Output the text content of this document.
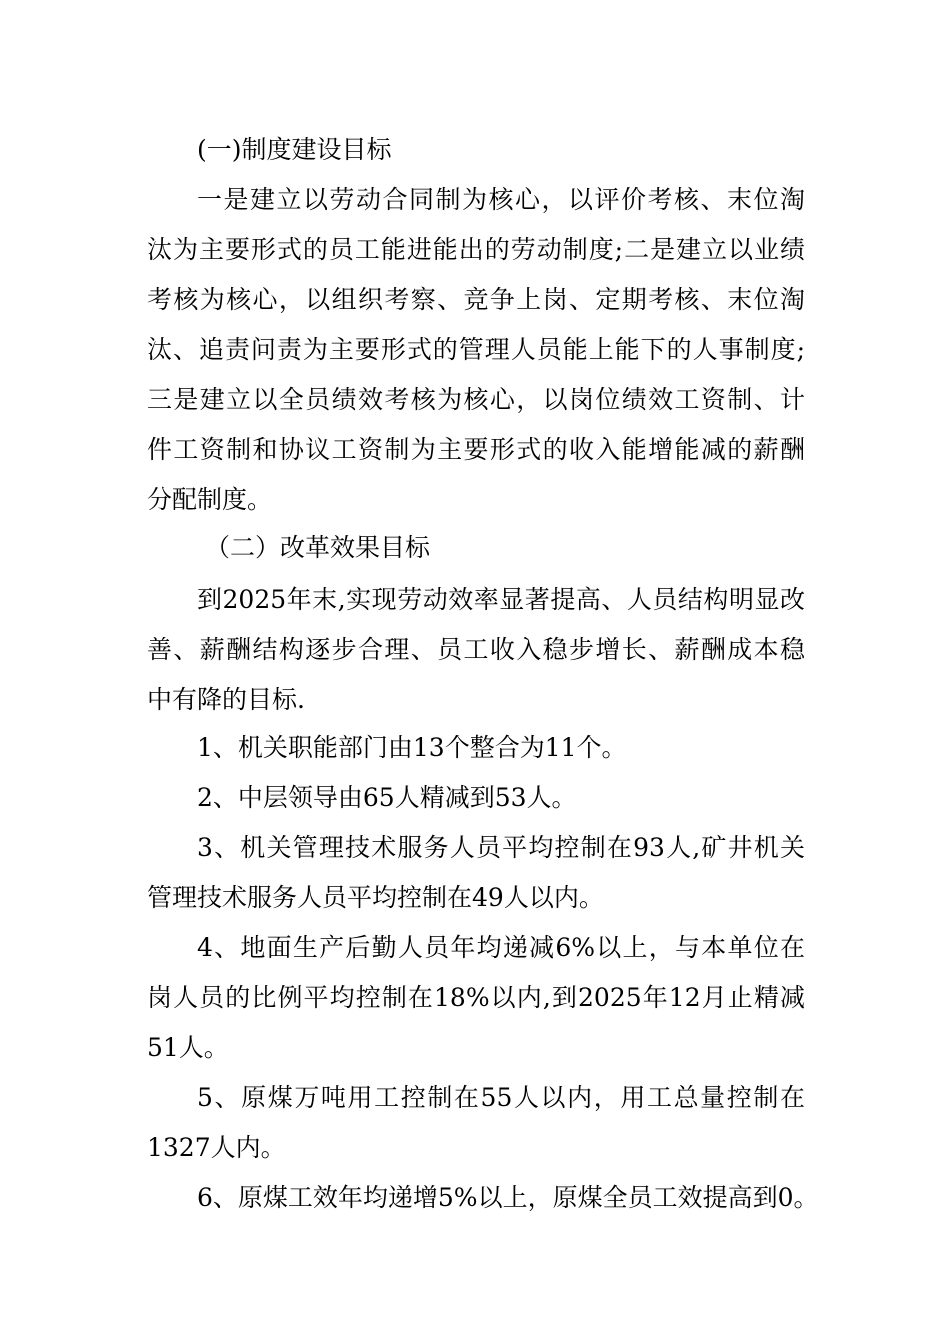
(一)制度建设目标
一是建立以劳动合同制为核心，以评价考核、末位淘
汰为主要形式的员工能进能出的劳动制度;二是建立以业绩
考核为核心，以组织考察、竞争上岗、定期考核、末位淘
汰、追责问责为主要形式的管理人员能上能下的人事制度;
三是建立以全员绩效考核为核心，以岗位绩效工资制、计
件工资制和协议工资制为主要形式的收入能增能减的薪酬
分配制度。
（二）改革效果目标
到2025年末,实现劳动效率显著提高、人员结构明显改
善、薪酬结构逐步合理、员工收入稳步增长、薪酬成本稳
中有降的目标.
1、机关职能部门由13个整合为11个。
2、中层领导由65人精减到53人。
3、机关管理技术服务人员平均控制在93人,矿井机关
管理技术服务人员平均控制在49人以内。
4、地面生产后勤人员年均递减6%以上，与本单位在
岗人员的比例平均控制在18%以内,到2025年12月止精减
51人。
5、原煤万吨用工控制在55人以内，用工总量控制在
1327人内。
6、原煤工效年均递增5%以上，原煤全员工效提高到0。
